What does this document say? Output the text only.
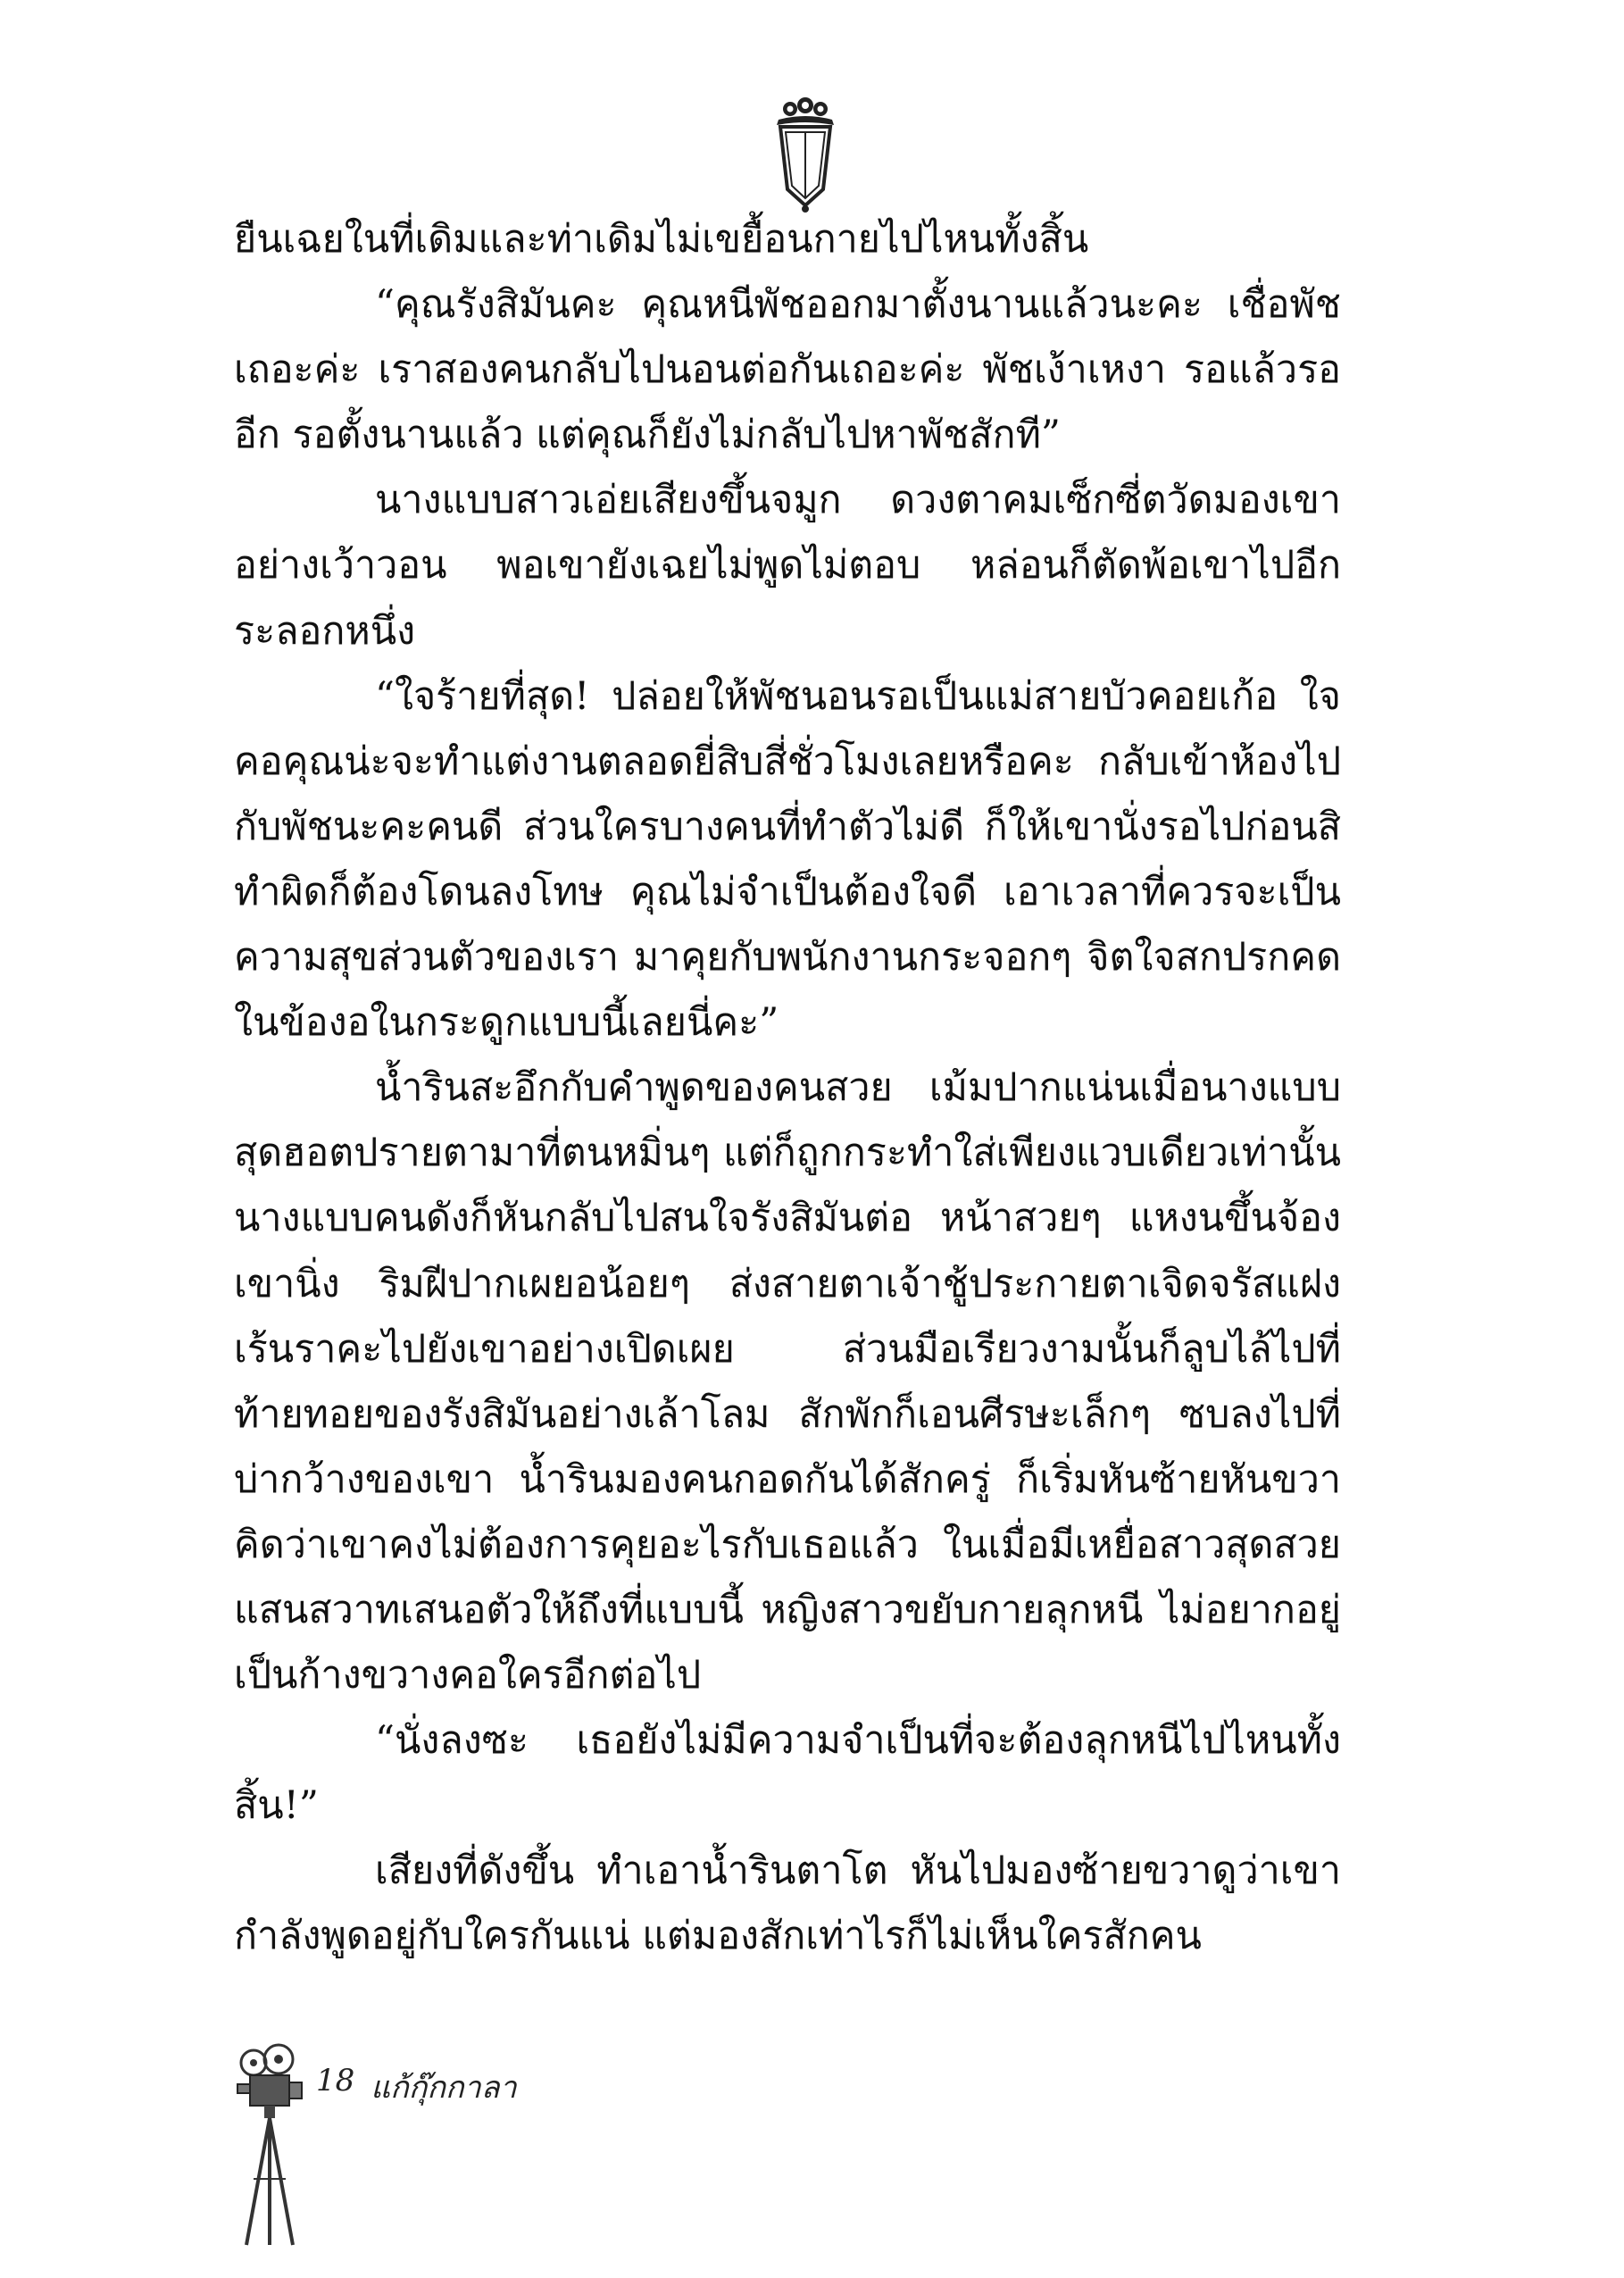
ยืนเฉยในที่เดิมและท่าเดิมไม่เขยื้อนกายไปไหนทั้งสิ้น

“คุณรังสิมันคะ คุณหนีพัชออกมาตั้งนานแล้วนะคะ เชื่อพัชเถอะค่ะ เราสองคนกลับไปนอนต่อกันเถอะค่ะ พัชเง้าเหงา รอแล้วรออีก รอตั้งนานแล้ว แต่คุณก็ยังไม่กลับไปหาพัชสักที”

นางแบบสาวเอ่ยเสียงขึ้นจมูก ดวงตาคมเซ็กซี่ตวัดมองเขาอย่างเว้าวอน พอเขายังเฉยไม่พูดไม่ตอบ หล่อนก็ตัดพ้อเขาไปอีกระลอกหนึ่ง

“ใจร้ายที่สุด! ปล่อยให้พัชนอนรอเป็นแม่สายบัวคอยเก้อ ใจคอคุณน่ะจะทำแต่งานตลอดยี่สิบสี่ชั่วโมงเลยหรือคะ กลับเข้าห้องไปกับพัชนะคะคนดี ส่วนใครบางคนที่ทำตัวไม่ดี ก็ให้เขานั่งรอไปก่อนสิ ทำผิดก็ต้องโดนลงโทษ คุณไม่จำเป็นต้องใจดี เอาเวลาที่ควรจะเป็นความสุขส่วนตัวของเรา มาคุยกับพนักงานกระจอกๆ จิตใจสกปรกคดในข้องอในกระดูกแบบนี้เลยนี่คะ”

น้ำรินสะอึกกับคำพูดของคนสวย เม้มปากแน่นเมื่อนางแบบสุดฮอตปรายตามาที่ตนหมิ่นๆ แต่ก็ถูกกระทำใส่เพียงแวบเดียวเท่านั้น นางแบบคนดังก็หันกลับไปสนใจรังสิมันต่อ หน้าสวยๆ แหงนขึ้นจ้องเขานิ่ง ริมฝีปากเผยอน้อยๆ ส่งสายตาเจ้าชู้ประกายตาเจิดจรัสแฝงเร้นราคะไปยังเขาอย่างเปิดเผย ส่วนมือเรียวงามนั้นก็ลูบไล้ไปที่ท้ายทอยของรังสิมันอย่างเล้าโลม สักพักก็เอนศีรษะเล็กๆ ซบลงไปที่บ่ากว้างของเขา น้ำรินมองคนกอดกันได้สักครู่ ก็เริ่มหันซ้ายหันขวาคิดว่าเขาคงไม่ต้องการคุยอะไรกับเธอแล้ว ในเมื่อมีเหยื่อสาวสุดสวยแสนสวาทเสนอตัวให้ถึงที่แบบนี้ หญิงสาวขยับกายลุกหนี ไม่อยากอยู่เป็นก้างขวางคอใครอีกต่อไป

“นั่งลงซะ เธอยังไม่มีความจำเป็นที่จะต้องลุกหนีไปไหนทั้งสิ้น!”

เสียงที่ดังขึ้น ทำเอาน้ำรินตาโต หันไปมองซ้ายขวาดูว่าเขากำลังพูดอยู่กับใครกันแน่ แต่มองสักเท่าไรก็ไม่เห็นใครสักคน

18 แก้กุ๊กกาลา
